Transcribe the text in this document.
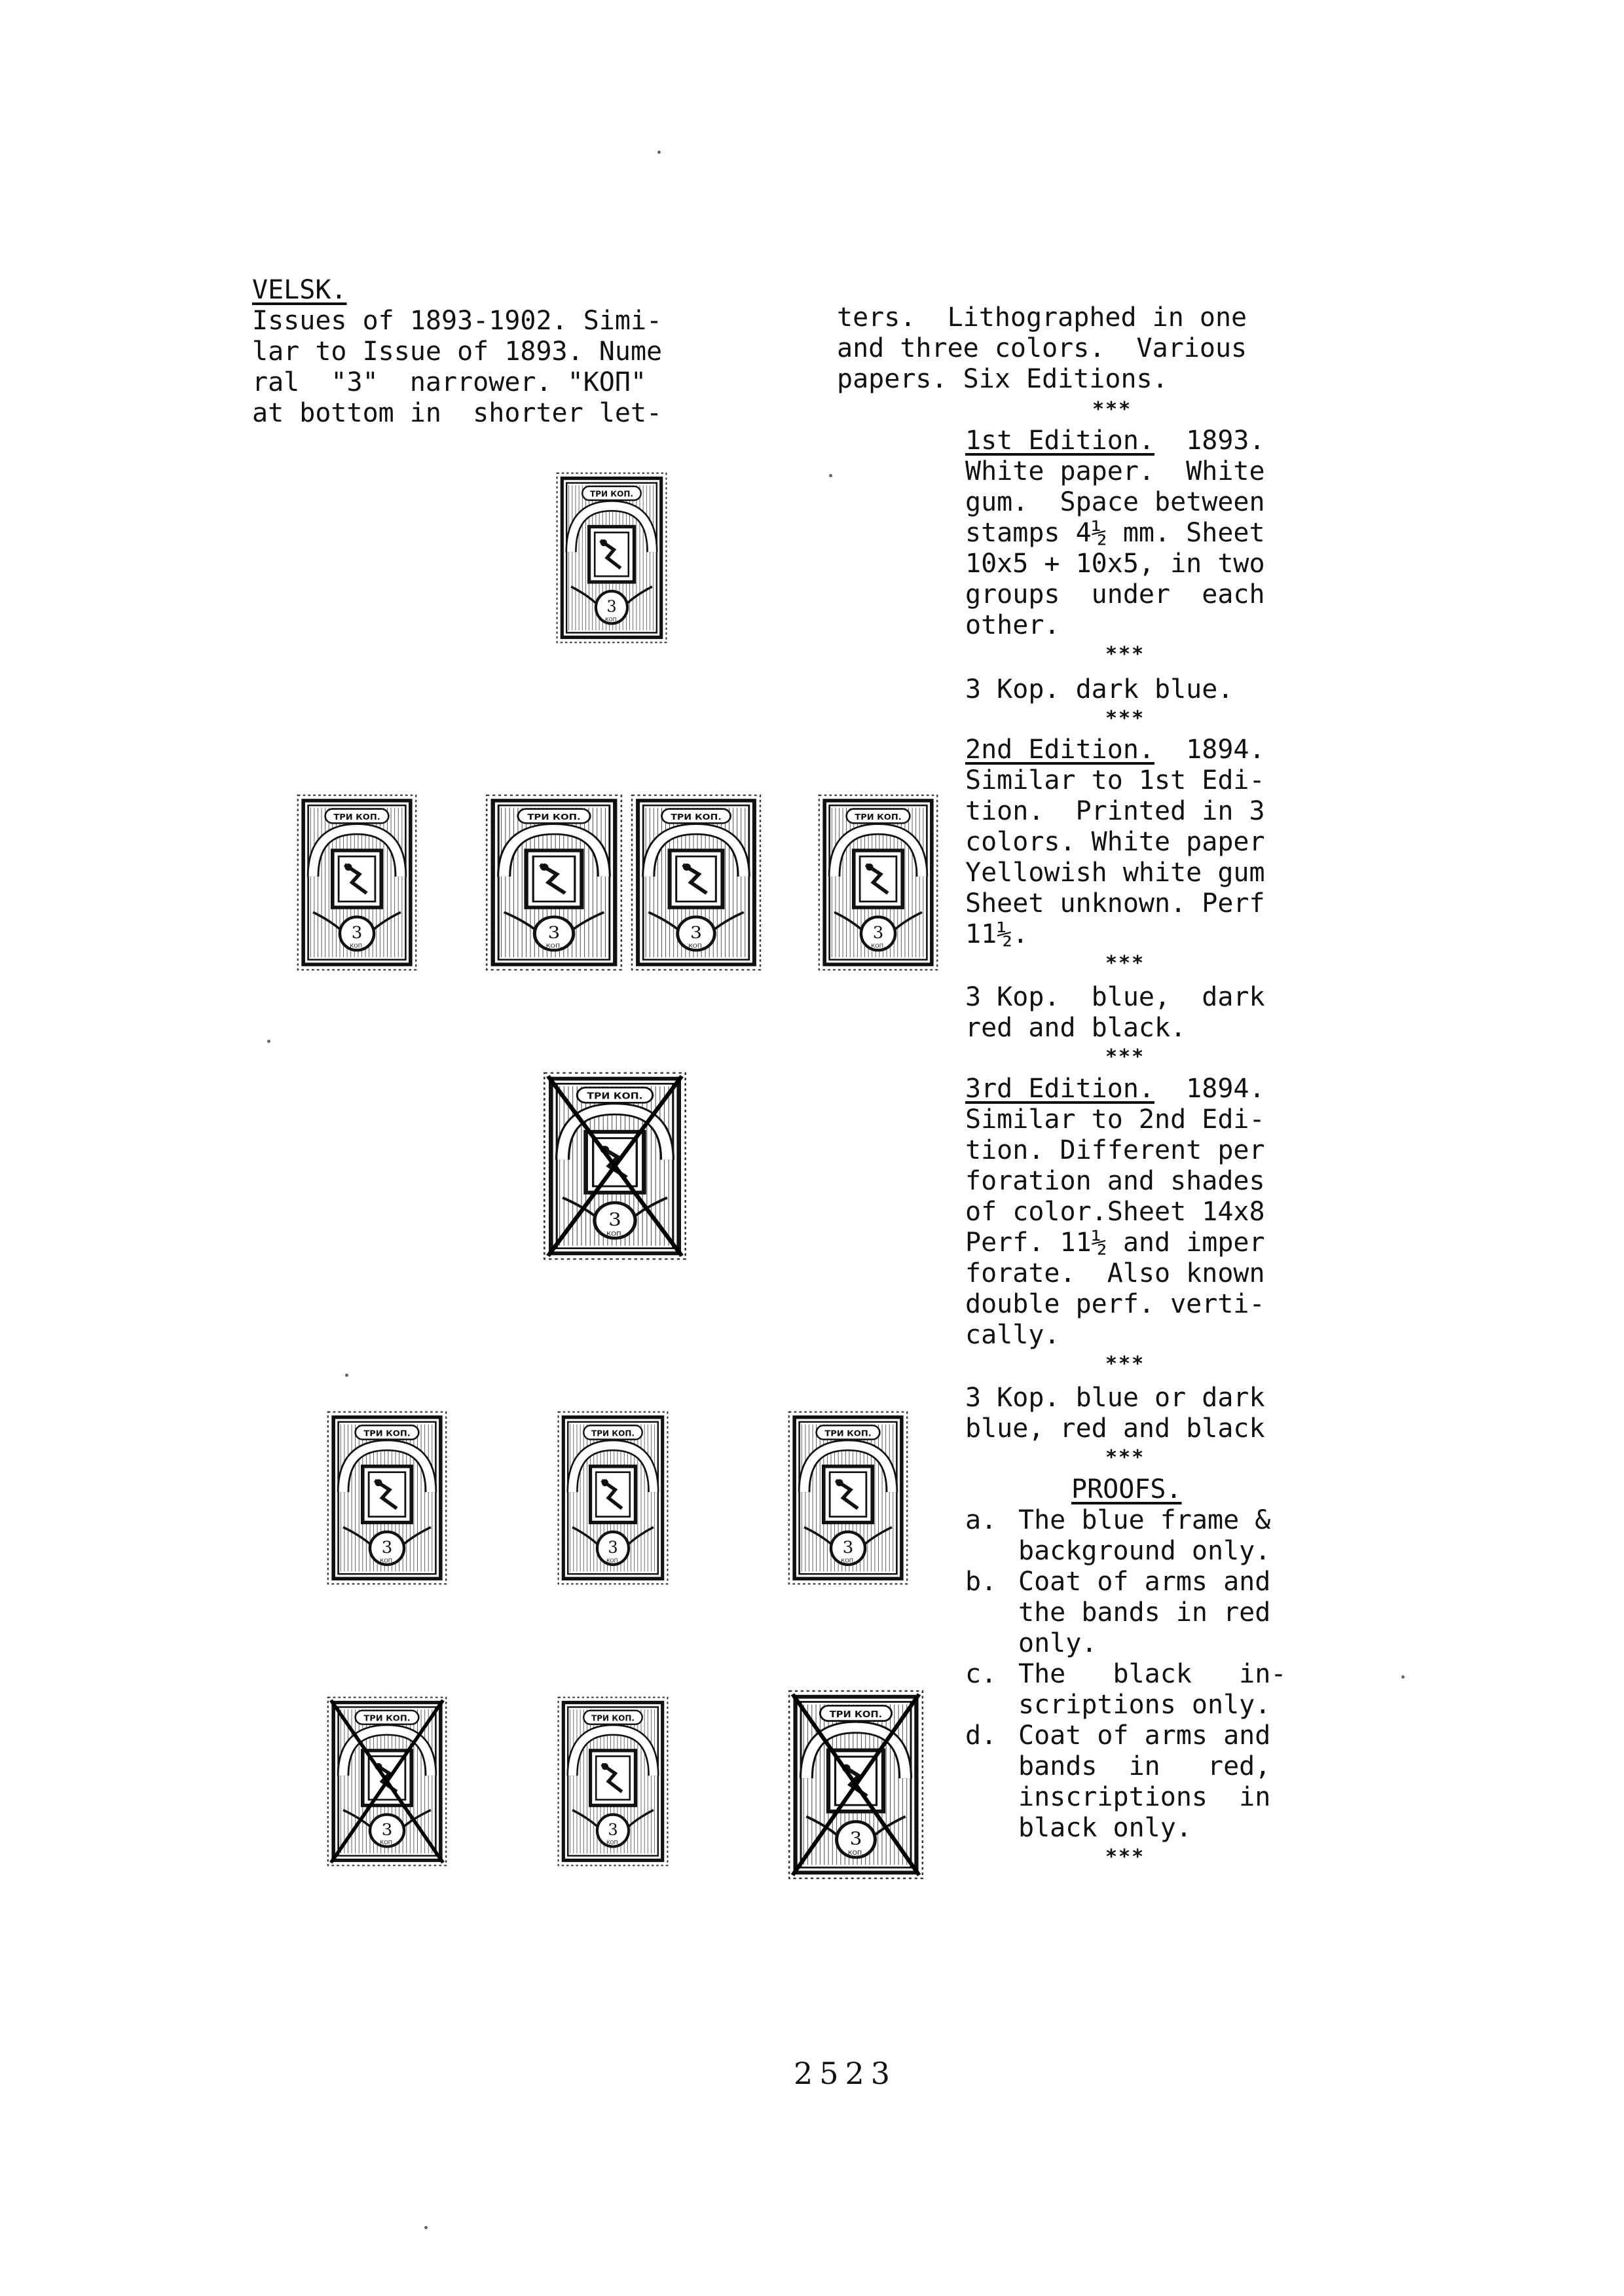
VELSK.
Issues of 1893-1902. Simi-
lar to Issue of 1893. Nume
ral  "3"  narrower. "КОП"
at bottom in  shorter let-
ters.  Lithographed in one
and three colors.  Various
papers. Six Editions.
***
1st Edition. 1893.
White paper.  White
gum.  Space between
stamps 4½ mm. Sheet
10x5 + 10x5, in two
groups  under  each
other.
***
3 Kop. dark blue.
***
2nd Edition. 1894.
Similar to 1st Edi-
tion.  Printed in 3
colors. White paper
Yellowish white gum
Sheet unknown. Perf
11½.
***
3 Kop.  blue,  dark
red and black.
***
3rd Edition. 1894.
Similar to 2nd Edi-
tion. Different per
foration and shades
of color.Sheet 14x8
Perf. 11½ and imper
forate.  Also known
double perf. verti-
cally.
***
3 Kop. blue or dark
blue, red and black
***
PROOFS.
a. The blue frame &
background only.
b. Coat of arms and
the bands in red
only.
c. The   black   in-
scriptions only.
d. Coat of arms and
bands  in   red,
inscriptions  in
black only.
***
ТРИ КОП.
3
КОП.
ТРИ КОП.
3
КОП.
ТРИ КОП.
3
КОП.
ТРИ КОП.
3
КОП.
ТРИ КОП.
3
КОП.
ТРИ КОП.
3
КОП.
ТРИ КОП.
3
КОП.
ТРИ КОП.
3
КОП.
ТРИ КОП.
3
КОП.
ТРИ КОП.
3
КОП.
ТРИ КОП.
3
КОП.
ТРИ КОП.
3
КОП.
2523
